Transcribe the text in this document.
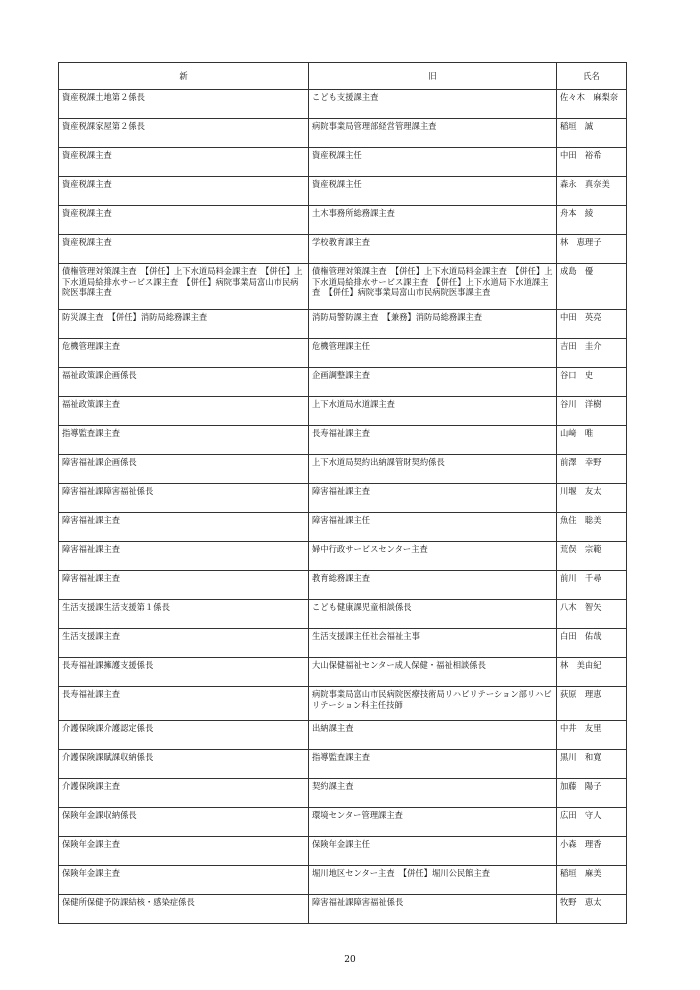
新	旧	氏名
資産税課土地第２係長	こども支援課主査	佐々木　麻梨奈
資産税課家屋第２係長	病院事業局管理部経営管理課主査	稲垣　誠
資産税課主査	資産税課主任	中田　裕希
資産税課主査	資産税課主任	森永　真奈美
資産税課主査	土木事務所総務課主査	舟本　綾
資産税課主査	学校教育課主査	林　恵理子
債権管理対策課主査　【併任】上下水道局料金課主査　【併任】上下水道局給排水サービス課主査　【併任】病院事業局富山市民病院医事課主査	債権管理対策課主査　【併任】上下水道局料金課主査　【併任】上下水道局給排水サービス課主査　【併任】上下水道局下水道課主査　【併任】病院事業局富山市民病院医事課主査	成島　優
防災課主査　【併任】消防局総務課主査	消防局警防課主査　【兼務】消防局総務課主査	中田　英亮
危機管理課主査	危機管理課主任	吉田　圭介
福祉政策課企画係長	企画調整課主査	谷口　史
福祉政策課主査	上下水道局水道課主査	谷川　洋樹
指導監査課主査	長寿福祉課主査	山﨑　唯
障害福祉課企画係長	上下水道局契約出納課管財契約係長	前澤　幸野
障害福祉課障害福祉係長	障害福祉課主査	川堰　友太
障害福祉課主査	障害福祉課主任	魚住　聡美
障害福祉課主査	婦中行政サービスセンター主査	荒俣　宗範
障害福祉課主査	教育総務課主査	前川　千尋
生活支援課生活支援第１係長	こども健康課児童相談係長	八木　智矢
生活支援課主査	生活支援課主任社会福祉主事	白田　佑哉
長寿福祉課擁護支援係長	大山保健福祉センター成人保健・福祉相談係長	林　美由紀
長寿福祉課主査	病院事業局富山市民病院医療技術局リハビリテーション部リハビリテーション科主任技師	荻原　理恵
介護保険課介護認定係長	出納課主査	中井　友里
介護保険課賦課収納係長	指導監査課主査	黒川　和寛
介護保険課主査	契約課主査	加藤　陽子
保険年金課収納係長	環境センター管理課主査	広田　守人
保険年金課主査	保険年金課主任	小森　理香
保険年金課主査	堀川地区センター主査　【併任】堀川公民館主査	稲垣　麻美
保健所保健予防課結核・感染症係長	障害福祉課障害福祉係長	牧野　恵太
20
